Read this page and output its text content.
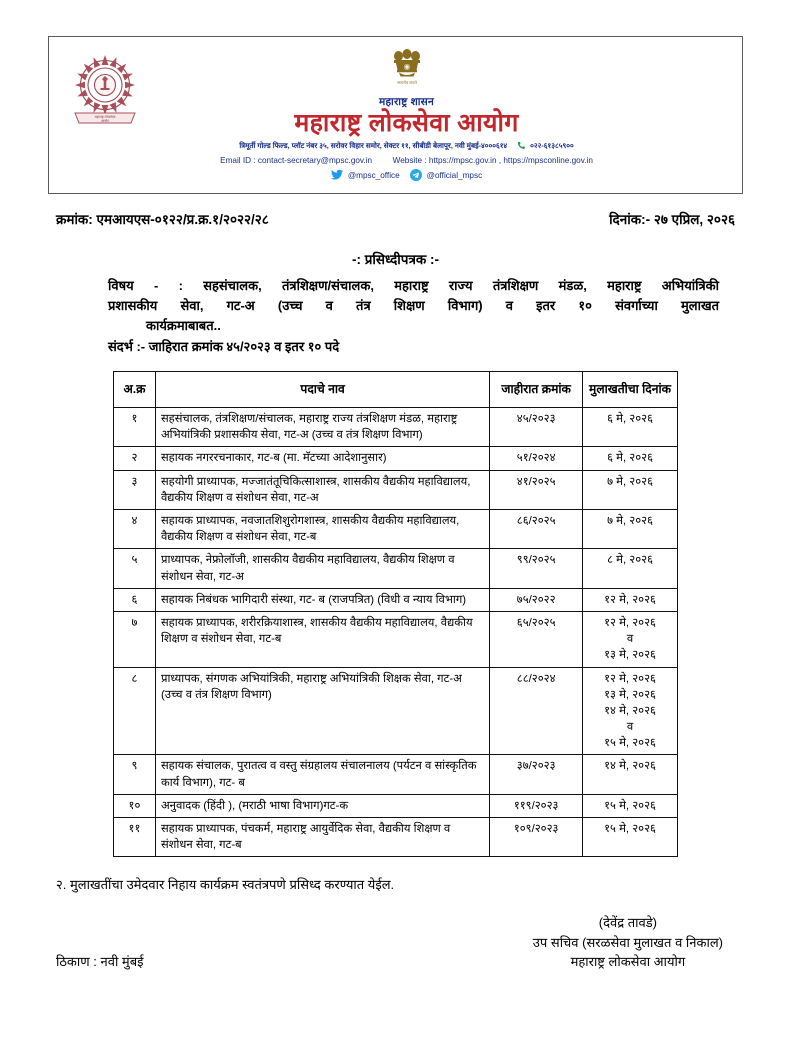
महाराष्ट्र लोकसेवा
आयोग
सत्यमेव जयते
महाराष्ट्र शासन
महाराष्ट्र लोकसेवा आयोग
त्रिमूर्ती गोल्ड फिल्ड, प्लॉट नंबर ३५, सरोवर विहार समोर, सेक्टर ११, सीबीडी बेलापूर, नवी मुंबई-४०००६१४	०२२-६१३८५९००
Email ID : contact-secretary@mpsc.gov.in	Website : https://mpsc.gov.in , https://mpsconline.gov.in
@mpsc_office	@official_mpsc
क्रमांक: एमआयएस-०१२२/प्र.क्र.१/२०२२/२८	दिनांक:- २७ एप्रिल, २०२६
-: प्रसिध्दीपत्रक :-
विषय - : सहसंचालक, तंत्रशिक्षण/संचालक, महाराष्ट्र राज्य तंत्रशिक्षण मंडळ, महाराष्ट्र अभियांत्रिकी
प्रशासकीय सेवा, गट-अ (उच्च व तंत्र शिक्षण विभाग) व इतर १० संवर्गाच्या मुलाखत
कार्यक्रमाबाबत..
संदर्भ :- जाहिरात क्रमांक ४५/२०२३ व इतर १० पदे
अ.क्र	पदाचे नाव	जाहीरात क्रमांक	मुलाखतीचा दिनांक
१	सहसंचालक, तंत्रशिक्षण/संचालक, महाराष्ट्र राज्य तंत्रशिक्षण मंडळ, महाराष्ट्र अभियांत्रिकी प्रशासकीय सेवा, गट-अ (उच्च व तंत्र शिक्षण विभाग)	४५/२०२३	६ मे, २०२६

२	सहायक नगररचनाकार, गट-ब (मा. मॅटच्या आदेशानुसार)	५१/२०२४	६ मे, २०२६

३	सहयोगी प्राध्यापक, मज्जातंतूचिकित्साशास्त्र, शासकीय वैद्यकीय महाविद्यालय, वैद्यकीय शिक्षण व संशोधन सेवा, गट-अ	४१/२०२५	७ मे, २०२६

४	सहायक प्राध्यापक, नवजातशिशुरोगशास्त्र, शासकीय वैद्यकीय महाविद्यालय, वैद्यकीय शिक्षण व संशोधन सेवा, गट-ब	८६/२०२५	७ मे, २०२६

५	प्राध्यापक, नेफ्रोलॉजी, शासकीय वैद्यकीय महाविद्यालय, वैद्यकीय शिक्षण व संशोधन सेवा, गट-अ	९९/२०२५	८ मे, २०२६

६	सहायक निबंधक भागिदारी संस्था, गट- ब (राजपत्रित) (विधी व न्याय विभाग)	७५/२०२२	१२ मे, २०२६

७	सहायक प्राध्यापक, शरीरक्रियाशास्त्र, शासकीय वैद्यकीय महाविद्यालय, वैद्यकीय शिक्षण व संशोधन सेवा, गट-ब	६५/२०२५	१२ मे, २०२६
व
१३ मे, २०२६

८	प्राध्यापक, संगणक अभियांत्रिकी, महाराष्ट्र अभियांत्रिकी शिक्षक सेवा, गट-अ (उच्च व तंत्र शिक्षण विभाग)	८८/२०२४	१२ मे, २०२६
१३ मे, २०२६
१४ मे, २०२६
व
१५ मे, २०२६

९	सहायक संचालक, पुरातत्व व वस्तु संग्रहालय संचालनालय (पर्यटन व सांस्कृतिक कार्य विभाग), गट- ब	३७/२०२३	१४ मे, २०२६

१०	अनुवादक (हिंदी ), (मराठी भाषा विभाग)गट-क	११९/२०२३	१५ मे, २०२६

११	सहायक प्राध्यापक, पंचकर्म, महाराष्ट्र आयुर्वेदिक सेवा, वैद्यकीय शिक्षण व संशोधन सेवा, गट-ब	१०९/२०२३	१५ मे, २०२६
२. मुलाखतींचा उमेदवार निहाय कार्यक्रम स्वतंत्रपणे प्रसिध्द करण्यात येईल.
ठिकाण : नवी मुंबई
(देवेंद्र तावडे)
उप सचिव (सरळसेवा मुलाखत व निकाल)
महाराष्ट्र लोकसेवा आयोग
